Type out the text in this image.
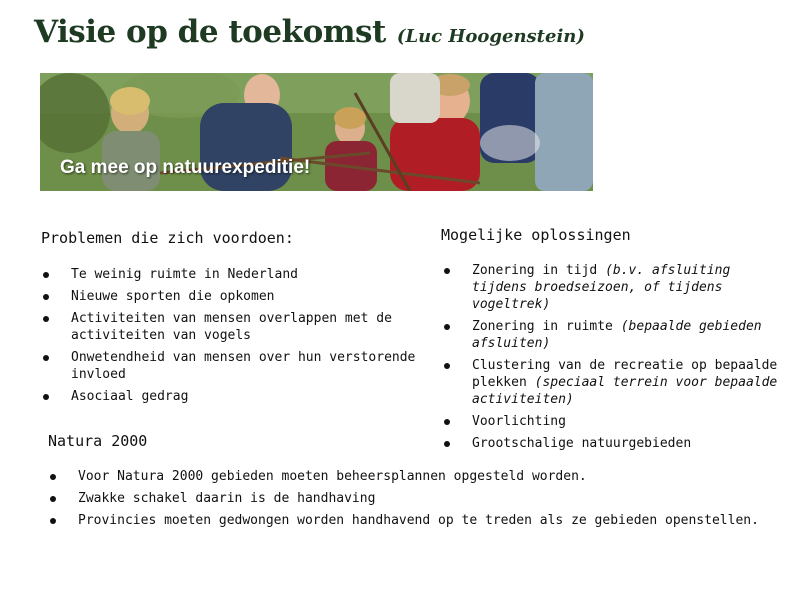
Visie op de toekomst (Luc Hoogenstein)
Ga mee op natuurexpeditie!
Problemen die zich voordoen:
Te weinig ruimte in Nederland
Nieuwe sporten die opkomen
Activiteiten van mensen overlappen met de activiteiten van vogels
Onwetendheid van mensen over hun verstorende invloed
Asociaal gedrag
Mogelijke oplossingen
Zonering in tijd (b.v. afsluiting tijdens broedseizoen, of tijdens vogeltrek)
Zonering in ruimte (bepaalde gebieden afsluiten)
Clustering van de recreatie op bepaalde plekken (speciaal terrein voor bepaalde activiteiten)
Voorlichting
Grootschalige natuurgebieden
Natura 2000
Voor Natura 2000 gebieden moeten beheersplannen opgesteld worden.
Zwakke schakel daarin is de handhaving
Provincies moeten gedwongen worden handhavend op te treden als ze gebieden openstellen.
